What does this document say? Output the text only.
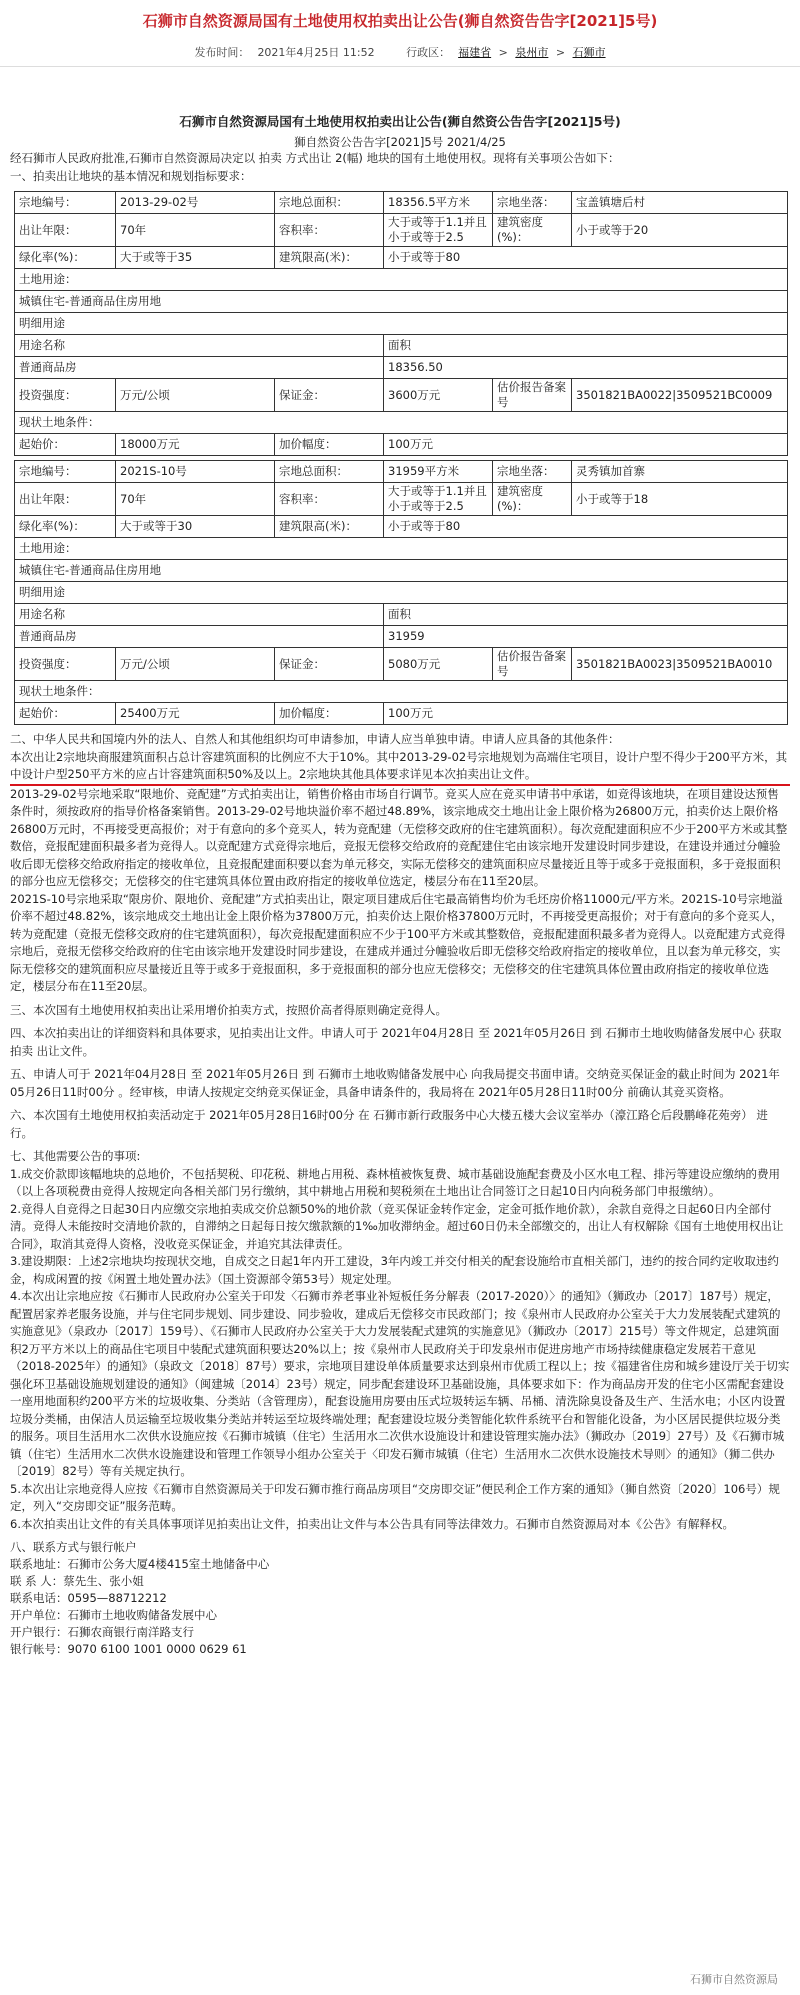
石狮市自然资源局国有土地使用权拍卖出让公告(狮自然资告告字[2021]5号)
发布时间： 2021年4月25日 11:52	行政区： 福建省 > 泉州市 > 石狮市
石狮市自然资源局国有土地使用权拍卖出让公告(狮自然资公告告字[2021]5号)
狮自然资公告告字[2021]5号 2021/4/25

经石狮市人民政府批准,石狮市自然资源局决定以 拍卖 方式出让 2(幅) 地块的国有土地使用权。现将有关事项公告如下：

一、拍卖出让地块的基本情况和规划指标要求：

宗地编号：	2013-29-02号	宗地总面积：	18356.5平方米	宗地坐落：	宝盖镇塘后村
出让年限：	70年	容积率：	大于或等于1.1并且小于或等于2.5	建筑密度(%)：	小于或等于20
绿化率(%)：	大于或等于35	建筑限高(米)：	小于或等于80		
土地用途：					
城镇住宅-普通商品住房用地					
明细用途					
用途名称			面积		
普通商品房			18356.50		
投资强度：	万元/公顷	保证金：	3600万元	估价报告备案号	3501821BA0022|3509521BC0009
现状土地条件：					
起始价：	18000万元	加价幅度：	100万元		
宗地编号：	2021S-10号	宗地总面积：	31959平方米	宗地坐落：	灵秀镇加首寨
出让年限：	70年	容积率：	大于或等于1.1并且小于或等于2.5	建筑密度(%)：	小于或等于18
绿化率(%)：	大于或等于30	建筑限高(米)：	小于或等于80		
土地用途：					
城镇住宅-普通商品住房用地					
明细用途					
用途名称			面积		
普通商品房			31959		
投资强度：	万元/公顷	保证金：	5080万元	估价报告备案号	3501821BA0023|3509521BA0010
现状土地条件：					
起始价：	25400万元	加价幅度：	100万元		

二、中华人民共和国境内外的法人、自然人和其他组织均可申请参加，申请人应当单独申请。申请人应具备的其他条件：

本次出让2宗地块商服建筑面积占总计容建筑面积的比例应不大于10%。其中2013-29-02号宗地规划为高端住宅项目，设计户型不得少于200平方米，其中设计户型250平方米的应占计容建筑面积50%及以上。2宗地块其他具体要求详见本次拍卖出让文件。

2013-29-02号宗地采取“限地价、竞配建”方式拍卖出让，销售价格由市场自行调节。竞买人应在竞买申请书中承诺，如竞得该地块，在项目建设达预售条件时，须按政府的指导价格备案销售。2013-29-02号地块溢价率不超过48.89%，该宗地成交土地出让金上限价格为26800万元，拍卖价达上限价格26800万元时，不再接受更高报价；对于有意向的多个竞买人，转为竞配建（无偿移交政府的住宅建筑面积）。每次竞配建面积应不少于200平方米或其整数倍，竞报配建面积最多者为竞得人。以竞配建方式竞得宗地后，竞报无偿移交给政府的竞配建住宅由该宗地开发建设时同步建设，在建设并通过分幢验收后即无偿移交给政府指定的接收单位，且竞报配建面积要以套为单元移交，实际无偿移交的建筑面积应尽量接近且等于或多于竞报面积，多于竞报面积的部分也应无偿移交；无偿移交的住宅建筑具体位置由政府指定的接收单位选定，楼层分布在11至20层。

2021S-10号宗地采取“限房价、限地价、竞配建”方式拍卖出让，限定项目建成后住宅最高销售均价为毛坯房价格11000元/平方米。2021S-10号宗地溢价率不超过48.82%，该宗地成交土地出让金上限价格为37800万元，拍卖价达上限价格37800万元时，不再接受更高报价；对于有意向的多个竞买人，转为竞配建（竞报无偿移交政府的住宅建筑面积），每次竞报配建面积应不少于100平方米或其整数倍，竞报配建面积最多者为竞得人。以竞配建方式竞得宗地后，竞报无偿移交给政府的住宅由该宗地开发建设时同步建设，在建成并通过分幢验收后即无偿移交给政府指定的接收单位，且以套为单元移交，实际无偿移交的建筑面积应尽量接近且等于或多于竞报面积，多于竞报面积的部分也应无偿移交；无偿移交的住宅建筑具体位置由政府指定的接收单位选定，楼层分布在11至20层。

三、本次国有土地使用权拍卖出让采用增价拍卖方式，按照价高者得原则确定竞得人。

四、本次拍卖出让的详细资料和具体要求，见拍卖出让文件。申请人可于 2021年04月28日 至 2021年05月26日 到 石狮市土地收购储备发展中心 获取 拍卖 出让文件。

五、申请人可于 2021年04月28日 至 2021年05月26日 到 石狮市土地收购储备发展中心 向我局提交书面申请。交纳竞买保证金的截止时间为 2021年05月26日11时00分 。经审核，申请人按规定交纳竞买保证金，具备申请条件的，我局将在 2021年05月28日11时00分 前确认其竞买资格。

六、本次国有土地使用权拍卖活动定于 2021年05月28日16时00分 在 石狮市新行政服务中心大楼五楼大会议室举办（濠江路仑后段鹏峰花苑旁） 进行。

七、其他需要公告的事项:

1.成交价款即该幅地块的总地价，不包括契税、印花税、耕地占用税、森林植被恢复费、城市基础设施配套费及小区水电工程、排污等建设应缴纳的费用（以上各项税费由竞得人按规定向各相关部门另行缴纳，其中耕地占用税和契税须在土地出让合同签订之日起10日内向税务部门申报缴纳）。

2.竞得人自竞得之日起30日内应缴交宗地拍卖成交价总额50%的地价款（竞买保证金转作定金，定金可抵作地价款），余款自竞得之日起60日内全部付清。竞得人未能按时交清地价款的，自滞纳之日起每日按欠缴款额的1‰加收滞纳金。超过60日仍未全部缴交的，出让人有权解除《国有土地使用权出让合同》，取消其竞得人资格，没收竞买保证金，并追究其法律责任。

3.建设期限：上述2宗地块均按现状交地，自成交之日起1年内开工建设，3年内竣工并交付相关的配套设施给市直相关部门，违约的按合同约定收取违约金，构成闲置的按《闲置土地处置办法》（国土资源部令第53号）规定处理。

4.本次出让宗地应按《石狮市人民政府办公室关于印发〈石狮市养老事业补短板任务分解表（2017-2020）〉的通知》（狮政办〔2017〕187号）规定，配置居家养老服务设施，并与住宅同步规划、同步建设、同步验收，建成后无偿移交市民政部门；按《泉州市人民政府办公室关于大力发展装配式建筑的实施意见》（泉政办〔2017〕159号）、《石狮市人民政府办公室关于大力发展装配式建筑的实施意见》（狮政办〔2017〕215号）等文件规定，总建筑面积2万平方米以上的商品住宅项目中装配式建筑面积要达20%以上；按《泉州市人民政府关于印发泉州市促进房地产市场持续健康稳定发展若干意见（2018-2025年）的通知》（泉政文〔2018〕87号）要求，宗地项目建设单体质量要求达到泉州市优质工程以上；按《福建省住房和城乡建设厅关于切实强化环卫基础设施规划建设的通知》（闽建城〔2014〕23号）规定，同步配套建设环卫基础设施，具体要求如下：作为商品房开发的住宅小区需配套建设一座用地面积约200平方米的垃圾收集、分类站（含管理房），配套设施用房要由压式垃圾转运车辆、吊桶、清洗除臭设备及生产、生活水电；小区内设置垃圾分类桶，由保洁人员运输至垃圾收集分类站并转运至垃圾终端处理；配套建设垃圾分类智能化软件系统平台和智能化设备，为小区居民提供垃圾分类的服务。项目生活用水二次供水设施应按《石狮市城镇（住宅）生活用水二次供水设施设计和建设管理实施办法》（狮政办〔2019〕27号）及《石狮市城镇（住宅）生活用水二次供水设施建设和管理工作领导小组办公室关于〈印发石狮市城镇（住宅）生活用水二次供水设施技术导则〉的通知》（狮二供办〔2019〕82号）等有关规定执行。

5.本次出让宗地竞得人应按《石狮市自然资源局关于印发石狮市推行商品房项目“交房即交证”便民利企工作方案的通知》（狮自然资〔2020〕106号）规定，列入“交房即交证”服务范畴。

6.本次拍卖出让文件的有关具体事项详见拍卖出让文件，拍卖出让文件与本公告具有同等法律效力。石狮市自然资源局对本《公告》有解释权。

八、联系方式与银行帐户

联系地址：石狮市公务大厦4楼415室土地储备中心

联 系 人：蔡先生、张小姐

联系电话：0595—88712212

开户单位：石狮市土地收购储备发展中心

开户银行：石狮农商银行南洋路支行

银行帐号：9070 6100 1001 0000 0629 61

石狮市自然资源局
